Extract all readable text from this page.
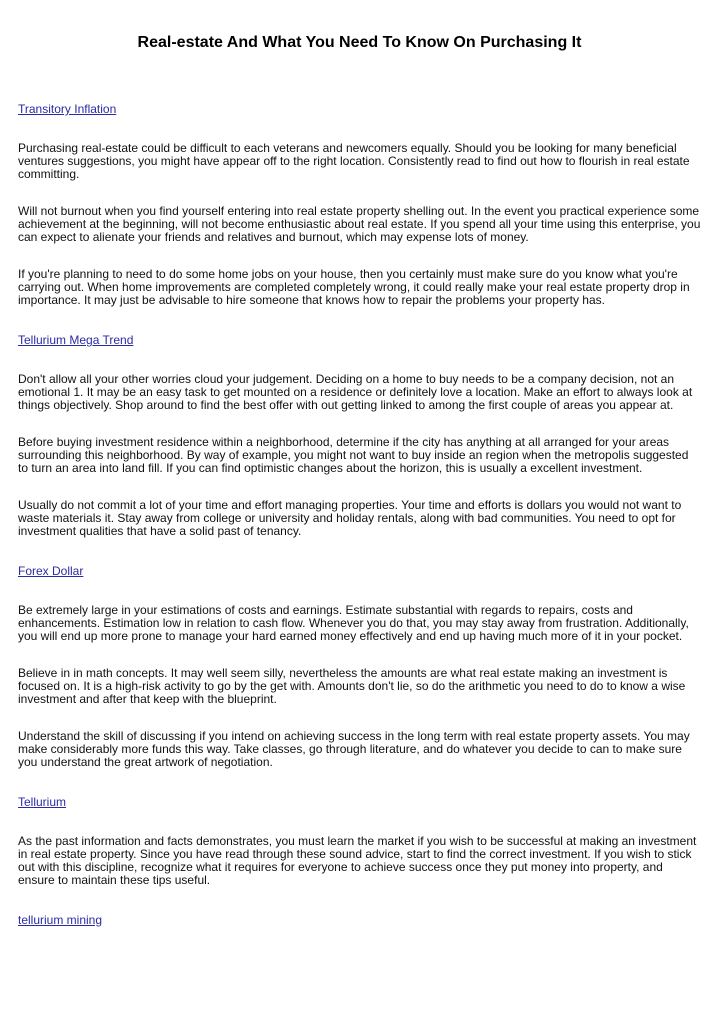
Real-estate And What You Need To Know On Purchasing It
Transitory Inflation

Purchasing real-estate could be difficult to each veterans and newcomers equally. Should you be looking for many beneficial ventures suggestions, you might have appear off to the right location. Consistently read to find out how to flourish in real estate committing.

Will not burnout when you find yourself entering into real estate property shelling out. In the event you practical experience some achievement at the beginning, will not become enthusiastic about real estate. If you spend all your time using this enterprise, you can expect to alienate your friends and relatives and burnout, which may expense lots of money.

If you're planning to need to do some home jobs on your house, then you certainly must make sure do you know what you're carrying out. When home improvements are completed completely wrong, it could really make your real estate property drop in importance. It may just be advisable to hire someone that knows how to repair the problems your property has.

Tellurium Mega Trend

Don't allow all your other worries cloud your judgement. Deciding on a home to buy needs to be a company decision, not an emotional 1. It may be an easy task to get mounted on a residence or definitely love a location. Make an effort to always look at things objectively. Shop around to find the best offer with out getting linked to among the first couple of areas you appear at.

Before buying investment residence within a neighborhood, determine if the city has anything at all arranged for your areas surrounding this neighborhood. By way of example, you might not want to buy inside an region when the metropolis suggested to turn an area into land fill. If you can find optimistic changes about the horizon, this is usually a excellent investment.

Usually do not commit a lot of your time and effort managing properties. Your time and efforts is dollars you would not want to waste materials it. Stay away from college or university and holiday rentals, along with bad communities. You need to opt for investment qualities that have a solid past of tenancy.

Forex Dollar

Be extremely large in your estimations of costs and earnings. Estimate substantial with regards to repairs, costs and enhancements. Estimation low in relation to cash flow. Whenever you do that, you may stay away from frustration. Additionally, you will end up more prone to manage your hard earned money effectively and end up having much more of it in your pocket.

Believe in in math concepts. It may well seem silly, nevertheless the amounts are what real estate making an investment is focused on. It is a high-risk activity to go by the get with. Amounts don't lie, so do the arithmetic you need to do to know a wise investment and after that keep with the blueprint.

Understand the skill of discussing if you intend on achieving success in the long term with real estate property assets. You may make considerably more funds this way. Take classes, go through literature, and do whatever you decide to can to make sure you understand the great artwork of negotiation.

Tellurium

As the past information and facts demonstrates, you must learn the market if you wish to be successful at making an investment in real estate property. Since you have read through these sound advice, start to find the correct investment. If you wish to stick out with this discipline, recognize what it requires for everyone to achieve success once they put money into property, and ensure to maintain these tips useful.

tellurium mining
